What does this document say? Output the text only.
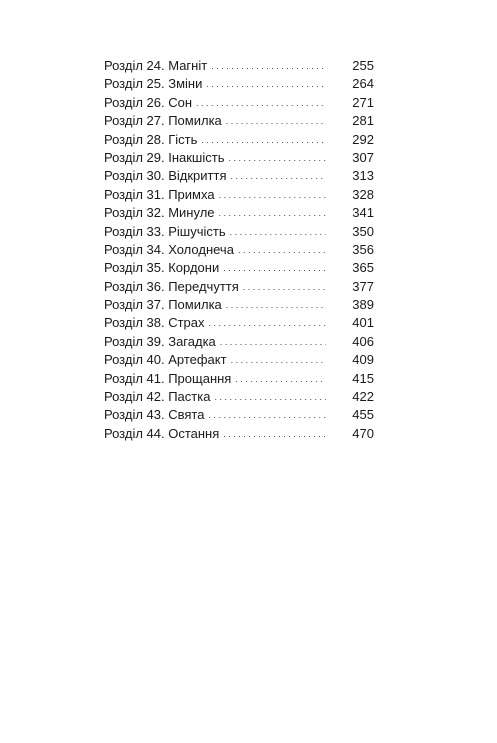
Розділ 24. Магніт . . .	255
Розділ 25. Зміни . . .	264
Розділ 26. Сон . . .	271
Розділ 27. Помилка . . .	281
Розділ 28. Гість . . .	292
Розділ 29. Інакшість . . .	307
Розділ 30. Відкриття . . .	313
Розділ 31. Примха . . .	328
Розділ 32. Минуле . . .	341
Розділ 33. Рішучість . . .	350
Розділ 34. Холоднеча . . .	356
Розділ 35. Кордони . . .	365
Розділ 36. Передчуття . . .	377
Розділ 37. Помилка . . .	389
Розділ 38. Страх . . .	401
Розділ 39. Загадка . . .	406
Розділ 40. Артефакт . . .	409
Розділ 41. Прощання . . .	415
Розділ 42. Пастка . . .	422
Розділ 43. Свята . . .	455
Розділ 44. Остання . . .	470
